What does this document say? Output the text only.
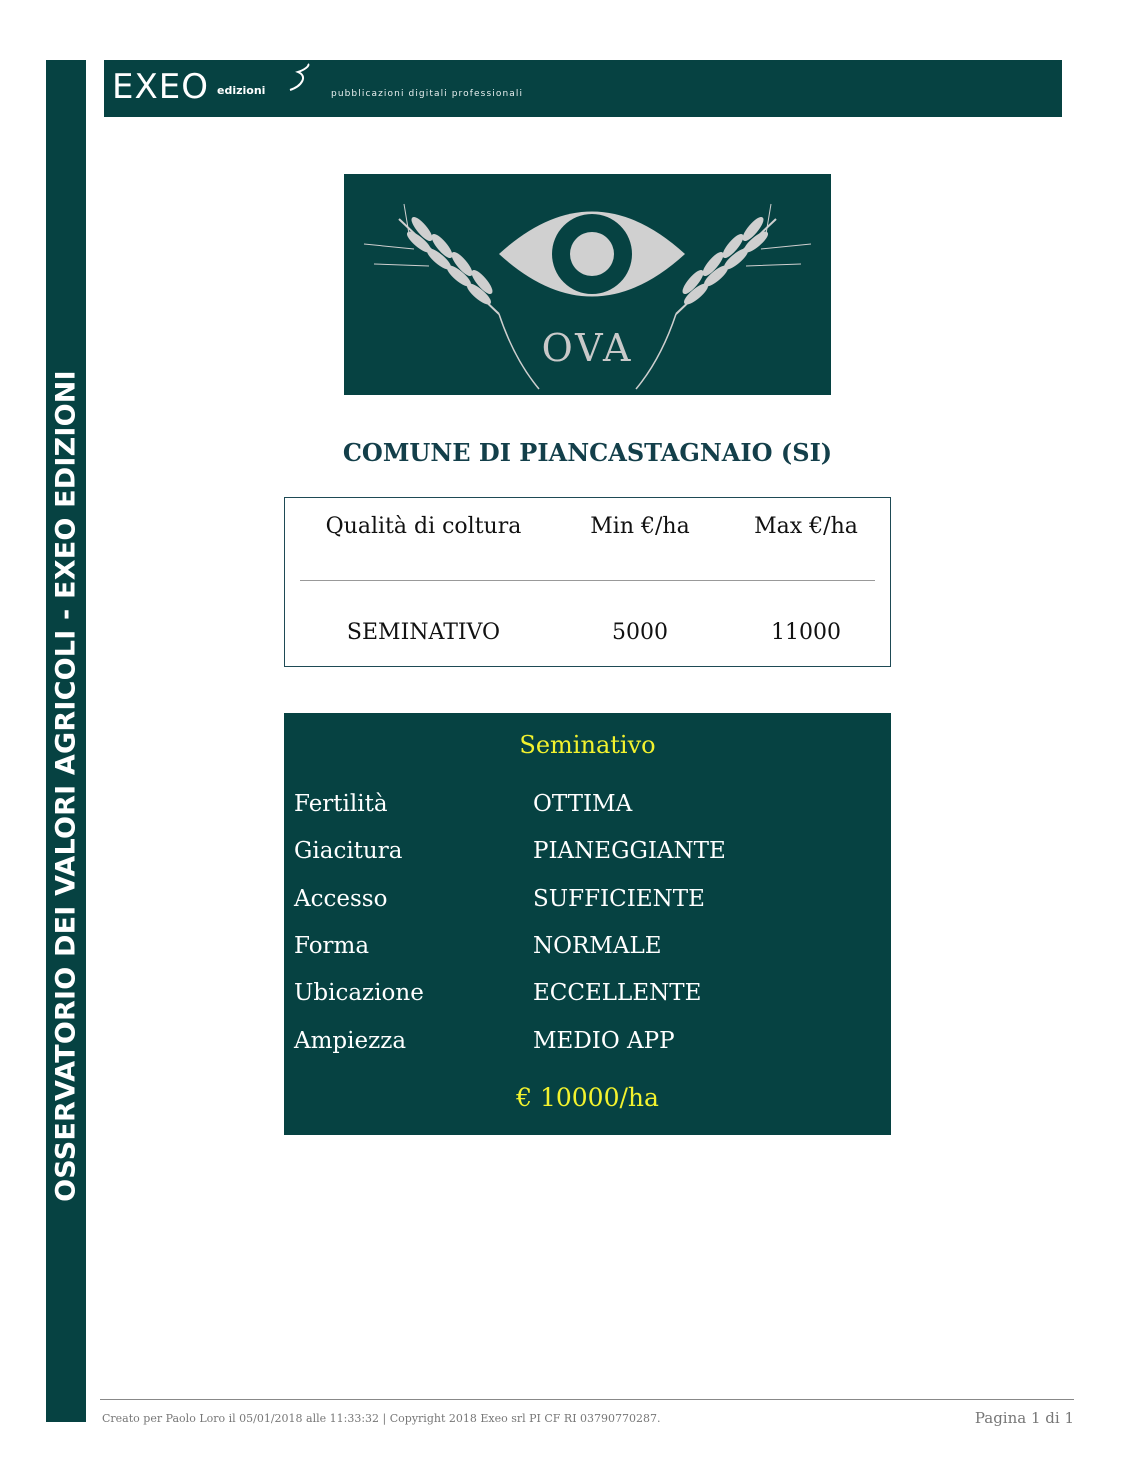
OSSERVATORIO DEI VALORI AGRICOLI - EXEO EDIZIONI
EXEO edizioni	pubblicazioni digitali professionali
OVA
COMUNE DI PIANCASTAGNAIO (SI)
Qualità di coltura	Min €/ha	Max €/ha
SEMINATIVO	5000	11000
Seminativo
Fertilità	OTTIMA
Giacitura	PIANEGGIANTE
Accesso	SUFFICIENTE
Forma	NORMALE
Ubicazione	ECCELLENTE
Ampiezza	MEDIO APP
€ 10000/ha
Creato per Paolo Loro il 05/01/2018 alle 11:33:32 | Copyright 2018 Exeo srl PI CF RI 03790770287.	Pagina 1 di 1
